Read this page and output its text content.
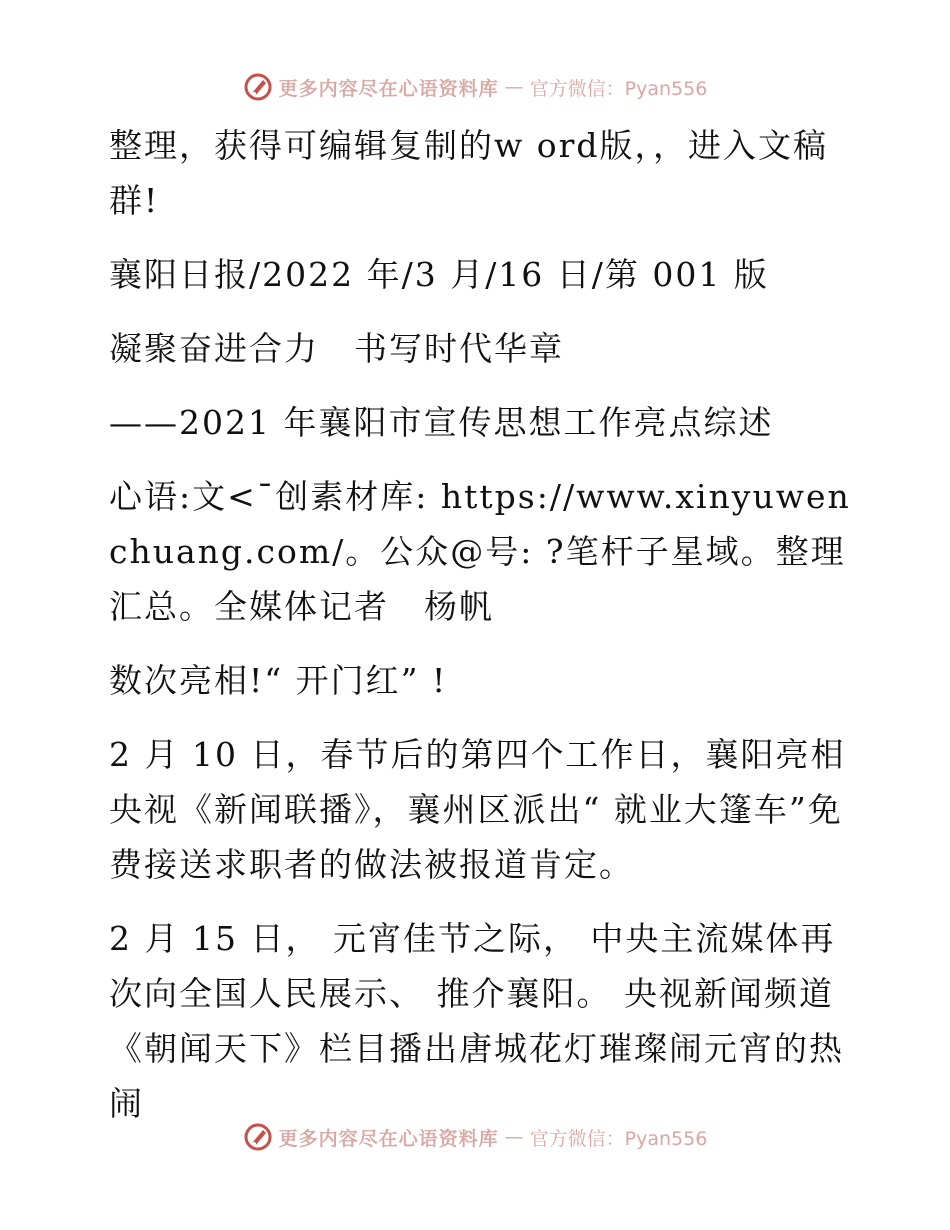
更多内容尽在心语资料库 — 官方微信：Pyan556

整理，获得可编辑复制的w ord版，，进入文稿群!

襄阳日报/2022 年/3 月/16 日/第 001 版

凝聚奋进合力　书写时代华章

——2021 年襄阳市宣传思想工作亮点综述

心语:文<¯创素材库: https://www.xinyuwenchuang.com/。公众@号: ?笔杆子星域。整理汇总。全媒体记者　杨帆

数次亮相!“ 开门红” !

2 月 10 日，春节后的第四个工作日，襄阳亮相央视《新闻联播》，襄州区派出“ 就业大篷车”免费接送求职者的做法被报道肯定。

2 月 15 日， 元宵佳节之际， 中央主流媒体再次向全国人民展示、 推介襄阳。 央视新闻频道《朝闻天下》栏目播出唐城花灯璀璨闹元宵的热闹

更多内容尽在心语资料库 — 官方微信：Pyan556
